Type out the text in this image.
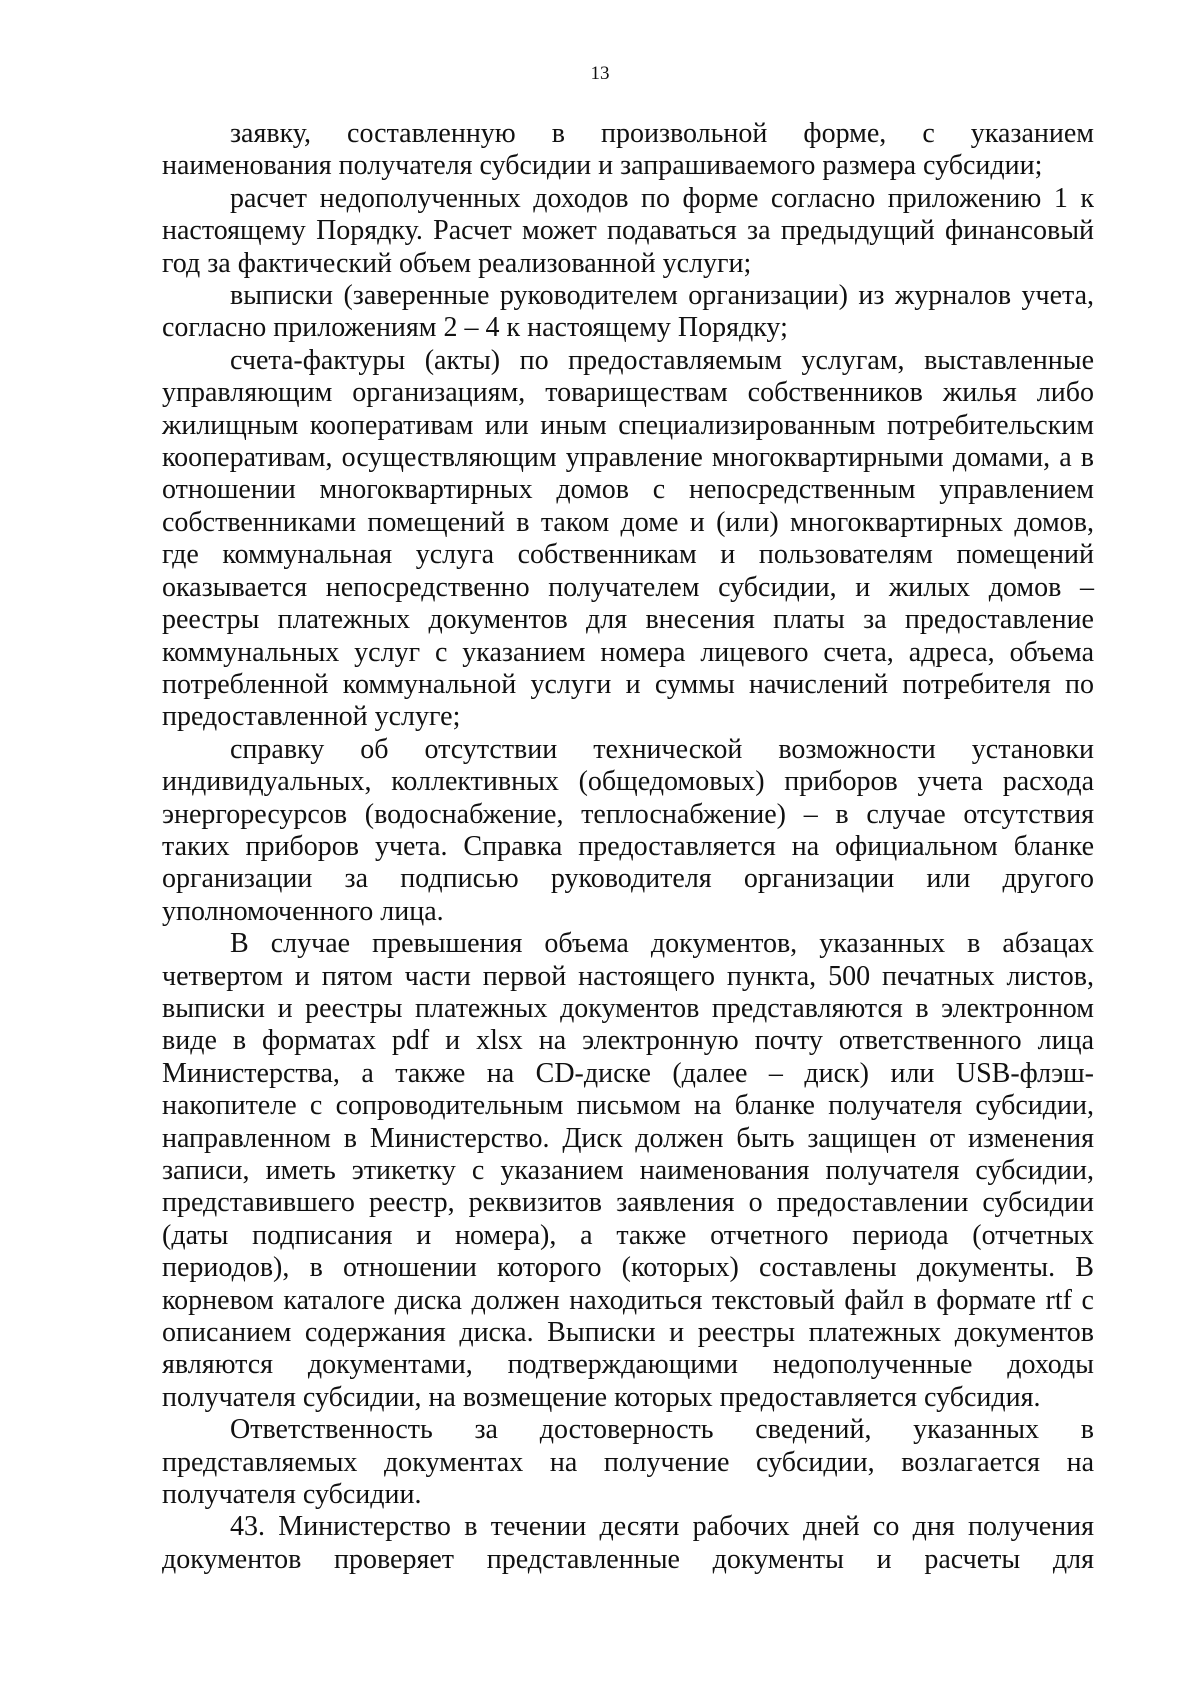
13

заявку, составленную в произвольной форме, с указанием наименования получателя субсидии и запрашиваемого размера субсидии;

расчет недополученных доходов по форме согласно приложению 1 к настоящему Порядку. Расчет может подаваться за предыдущий финансовый год за фактический объем реализованной услуги;

выписки (заверенные руководителем организации) из журналов учета, согласно приложениям 2 – 4 к настоящему Порядку;

счета-фактуры (акты) по предоставляемым услугам, выставленные управляющим организациям, товариществам собственников жилья либо жилищным кооперативам или иным специализированным потребительским кооперативам, осуществляющим управление многоквартирными домами, а в отношении многоквартирных домов с непосредственным управлением собственниками помещений в таком доме и (или) многоквартирных домов, где коммунальная услуга собственникам и пользователям помещений оказывается непосредственно получателем субсидии, и жилых домов – реестры платежных документов для внесения платы за предоставление коммунальных услуг с указанием номера лицевого счета, адреса, объема потребленной коммунальной услуги и суммы начислений потребителя по предоставленной услуге;

справку об отсутствии технической возможности установки индивидуальных, коллективных (общедомовых) приборов учета расхода энергоресурсов (водоснабжение, теплоснабжение) – в случае отсутствия таких приборов учета. Справка предоставляется на официальном бланке организации за подписью руководителя организации или другого уполномоченного лица.

В случае превышения объема документов, указанных в абзацах четвертом и пятом части первой настоящего пункта, 500 печатных листов, выписки и реестры платежных документов представляются в электронном виде в форматах pdf и xlsx на электронную почту ответственного лица Министерства, а также на CD-диске (далее – диск) или USB-флэш-накопителе с сопроводительным письмом на бланке получателя субсидии, направленном в Министерство. Диск должен быть защищен от изменения записи, иметь этикетку с указанием наименования получателя субсидии, представившего реестр, реквизитов заявления о предоставлении субсидии (даты подписания и номера), а также отчетного периода (отчетных периодов), в отношении которого (которых) составлены документы. В корневом каталоге диска должен находиться текстовый файл в формате rtf с описанием содержания диска. Выписки и реестры платежных документов являются документами, подтверждающими недополученные доходы получателя субсидии, на возмещение которых предоставляется субсидия.

Ответственность за достоверность сведений, указанных в представляемых документах на получение субсидии, возлагается на получателя субсидии.

43. Министерство в течении десяти рабочих дней со дня получения документов проверяет представленные документы и расчеты для
